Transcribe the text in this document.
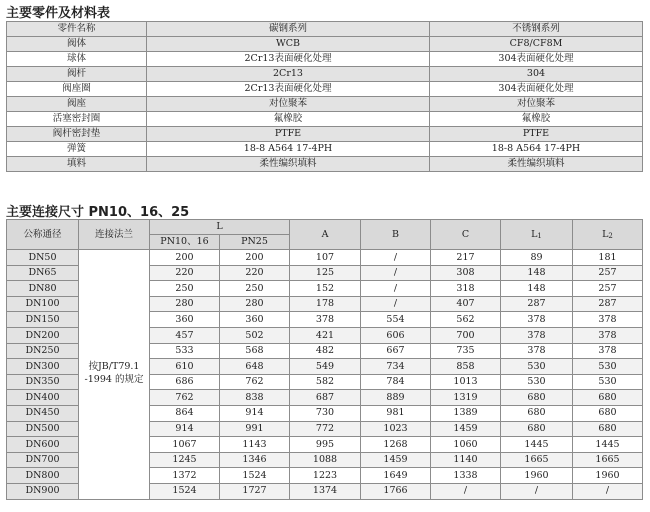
主要零件及材料表
零件名称	碳钢系列	不锈钢系列
阀体	WCB	CF8/CF8M
球体	2Cr13表面硬化处理	304表面硬化处理
阀杆	2Cr13	304
阀座圈	2Cr13表面硬化处理	304表面硬化处理
阀座	对位聚苯	对位聚苯
活塞密封圈	氟橡胶	氟橡胶
阀杆密封垫	PTFE	PTFE
弹簧	18-8 A564 17-4PH	18-8 A564 17-4PH
填料	柔性编织填料	柔性编织填料
主要连接尺寸 PN10、16、25
公称通径	连接法兰	L		A	B	C	$L_1$	$L_2$
		PN10、16	PN25					
DN50	按JB/T79.1 -1994 的规定	200	200	107	/	217	89	181
DN65		220	220	125	/	308	148	257
DN80		250	250	152	/	318	148	257
DN100		280	280	178	/	407	287	287
DN150		360	360	378	554	562	378	378
DN200		457	502	421	606	700	378	378
DN250		533	568	482	667	735	378	378
DN300		610	648	549	734	858	530	530
DN350		686	762	582	784	1013	530	530
DN400		762	838	687	889	1319	680	680
DN450		864	914	730	981	1389	680	680
DN500		914	991	772	1023	1459	680	680
DN600		1067	1143	995	1268	1060	1445	1445
DN700		1245	1346	1088	1459	1140	1665	1665
DN800		1372	1524	1223	1649	1338	1960	1960
DN900		1524	1727	1374	1766	/	/	/
